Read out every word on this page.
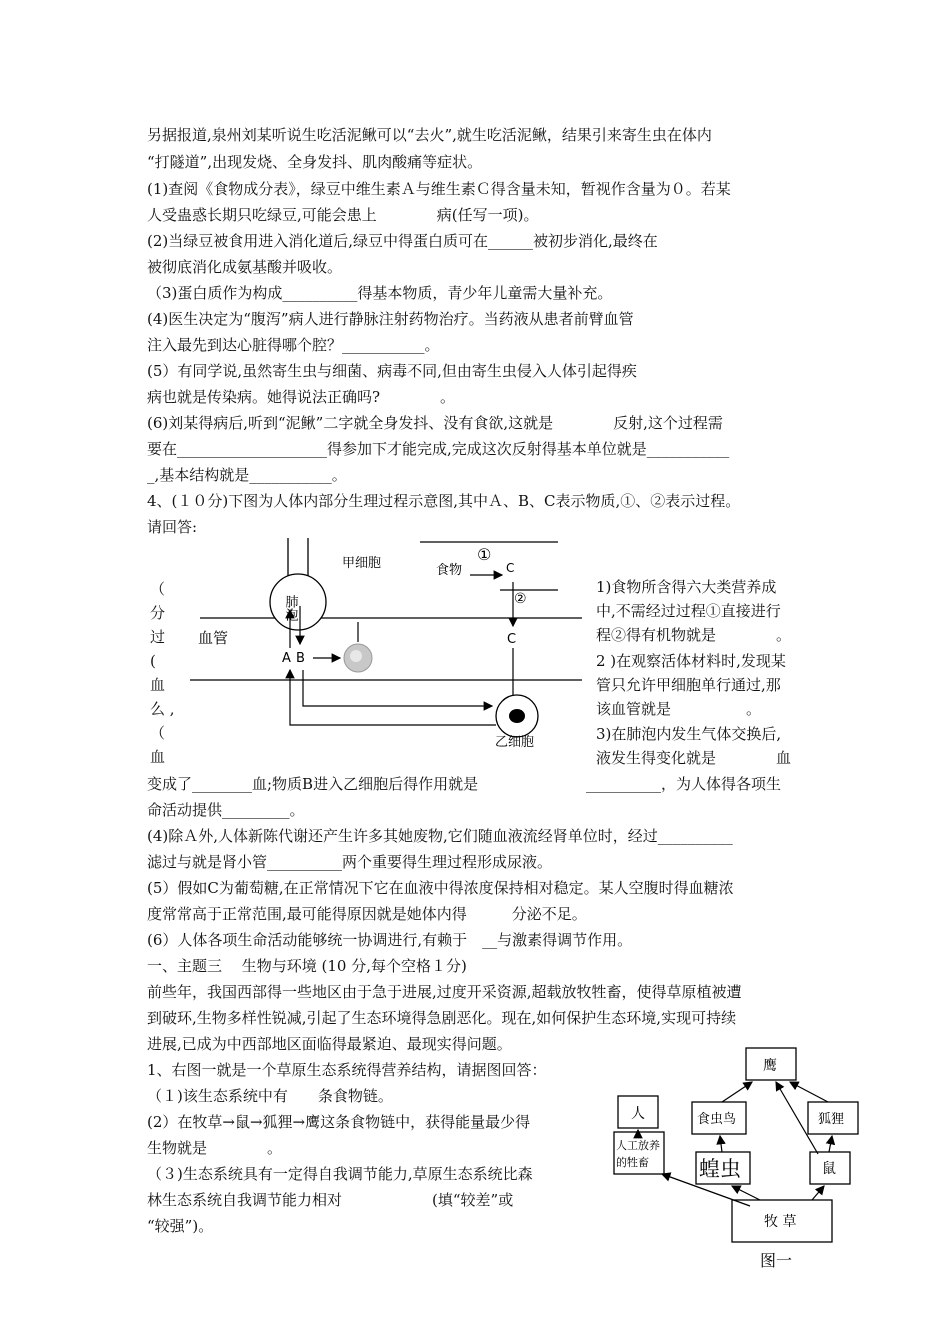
另据报道,泉州刘某听说生吃活泥鳅可以“去火”,就生吃活泥鳅，结果引来寄生虫在体内
“打隧道”,出现发烧、全身发抖、肌肉酸痛等症状。
(1)查阅《食物成分表》，绿豆中维生素Ａ与维生素Ｃ得含量未知，暂视作含量为０。若某
人受蛊惑长期只吃绿豆,可能会患上　　　　病(任写一项)。
(2)当绿豆被食用进入消化道后,绿豆中得蛋白质可在______被初步消化,最终在
被彻底消化成氨基酸并吸收。
（3)蛋白质作为构成__________得基本物质，青少年儿童需大量补充。
(4)医生决定为“腹泻”病人进行静脉注射药物治疗。当药液从患者前臂血管
注入最先到达心脏得哪个腔？___________。
(5）有同学说,虽然寄生虫与细菌、病毒不同,但由寄生虫侵入人体引起得疾
病也就是传染病。她得说法正确吗?　　　　。
(6)刘某得病后,听到“泥鳅”二字就全身发抖、没有食欲,这就是　　　　反射,这个过程需
要在____________________得参加下才能完成,完成这次反射得基本单位就是___________
_,基本结构就是___________。
4、(１０分)下图为人体内部分生理过程示意图,其中Ａ、B、C表示物质,①、②表示过程。
请回答:
（
分
过
(
血
么 ,
（
血
1)食物所含得六大类营养成
中,不需经过过程①直接进行
程②得有机物就是　　　　。
2 )在观察活体材料时,发现某
管只允许甲细胞单行通过,那
该血管就是　　　　　。
3)在肺泡内发生气体交换后,
液发生得变化就是　　　　血
肺泡
甲细胞
血管
食物
①
②
C
C
A B
乙细胞
变成了________血;物质B进入乙细胞后得作用就是	__________，为人体得各项生
命活动提供_________。
(4)除Ａ外,人体新陈代谢还产生许多其她废物,它们随血液流经肾单位时，经过__________
滤过与就是肾小管__________两个重要得生理过程形成尿液。
(5）假如C为葡萄糖,在正常情况下它在血液中得浓度保持相对稳定。某人空腹时得血糖浓
度常常高于正常范围,最可能得原因就是她体内得　　　分泌不足。
(6）人体各项生命活动能够统一协调进行,有赖于　__与激素得调节作用。
一、主题三　 生物与环境 (10 分,每个空格１分)
前些年，我国西部得一些地区由于急于进展,过度开采资源,超载放牧牲畜，使得草原植被遭
到破环,生物多样性锐减,引起了生态环境得急剧恶化。现在,如何保护生态环境,实现可持续
进展,已成为中西部地区面临得最紧迫、最现实得问题。
1、右图一就是一个草原生态系统得营养结构，请据图回答：
（１)该生态系统中有　　条食物链。
(2）在牧草→鼠→狐狸→鹰这条食物链中，获得能量最少得
生物就是　　　　。
（３)生态系统具有一定得自我调节能力,草原生态系统比森
林生态系统自我调节能力相对　　　　　　(填“较差”或
“较强”)。
鹰
人	食虫鸟	狐狸
人工放养
的牲畜 蝗虫	鼠
牧 草
图一
